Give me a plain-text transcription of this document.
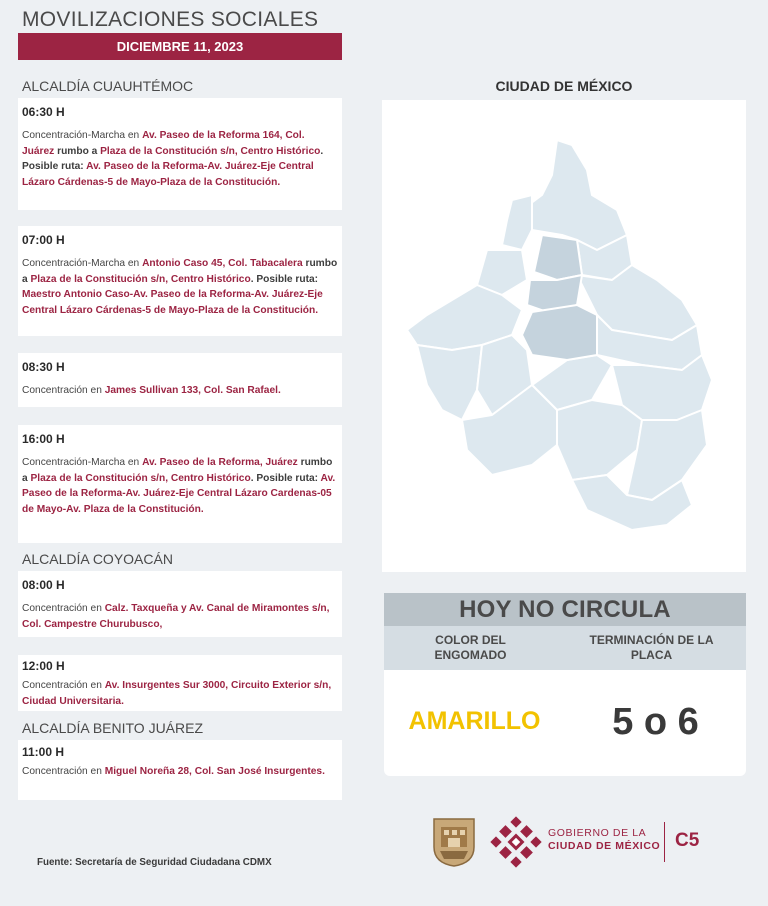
MOVILIZACIONES SOCIALES
DICIEMBRE 11, 2023
ALCALDÍA CUAUHTÉMOC
06:30 H
Concentración-Marcha en Av. Paseo de la Reforma 164, Col. Juárez rumbo a Plaza de la Constitución s/n, Centro Histórico. Posible ruta: Av. Paseo de la Reforma-Av. Juárez-Eje Central Lázaro Cárdenas-5 de Mayo-Plaza de la Constitución.
07:00 H
Concentración-Marcha en Antonio Caso 45, Col. Tabacalera rumbo a Plaza de la Constitución s/n, Centro Histórico. Posible ruta: Maestro Antonio Caso-Av. Paseo de la Reforma-Av. Juárez-Eje Central Lázaro Cárdenas-5 de Mayo-Plaza de la Constitución.
08:30 H
Concentración en James Sullivan 133, Col. San Rafael.
16:00 H
Concentración-Marcha en Av. Paseo de la Reforma, Juárez rumbo a Plaza de la Constitución s/n, Centro Histórico. Posible ruta: Av. Paseo de la Reforma-Av. Juárez-Eje Central Lázaro Cardenas-05 de Mayo-Av. Plaza de la Constitución.
ALCALDÍA COYOACÁN
08:00 H
Concentración en Calz. Taxqueña y Av. Canal de Miramontes s/n, Col. Campestre Churubusco,
12:00 H
Concentración en Av. Insurgentes Sur 3000, Circuito Exterior s/n, Ciudad Universitaria.
ALCALDÍA BENITO JUÁREZ
11:00 H
Concentración en Miguel Noreña 28, Col. San José Insurgentes.
Fuente: Secretaría de Seguridad Ciudadana CDMX
CIUDAD DE MÉXICO
HOY NO CIRCULA
COLOR DEL ENGOMADO
TERMINACIÓN DE LA PLACA
AMARILLO	5 o 6
GOBIERNO DE LA
CIUDAD DE MÉXICO C5
